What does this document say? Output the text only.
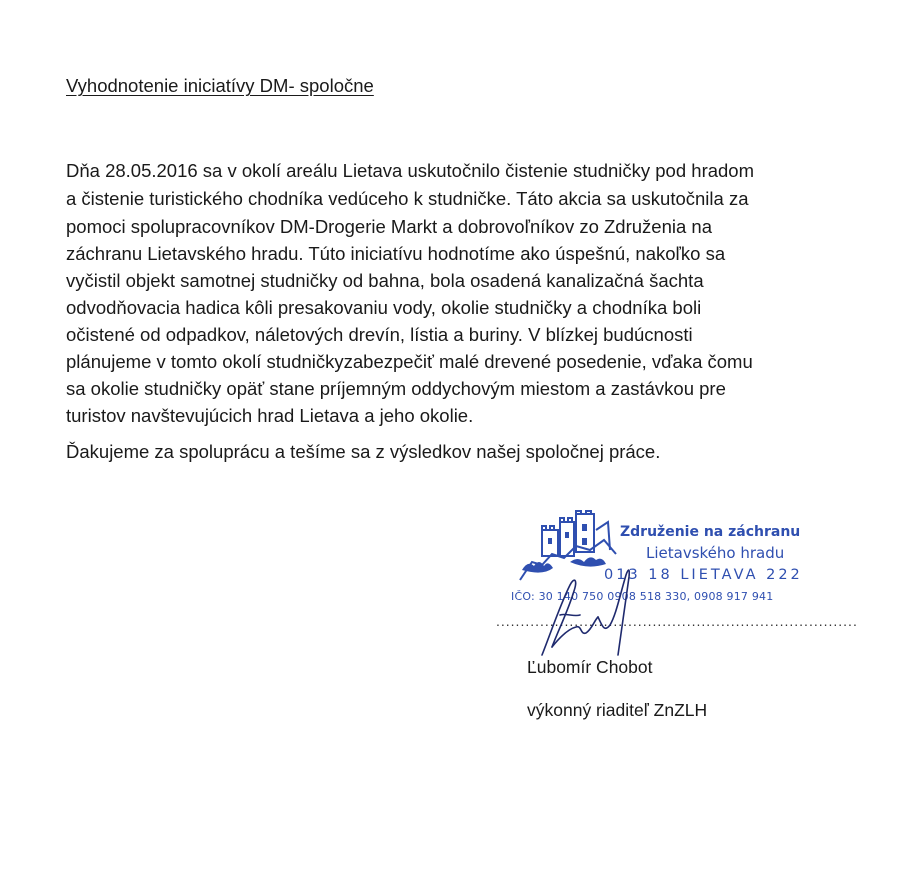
Vyhodnotenie iniciatívy DM- spoločne
Dňa 28.05.2016 sa v okolí areálu Lietava uskutočnilo čistenie studničky pod hradom
a čistenie turistického chodníka vedúceho k studničke. Táto akcia sa uskutočnila za
pomoci spolupracovníkov DM-Drogerie Markt a dobrovoľníkov zo Združenia na
záchranu Lietavského hradu. Túto iniciatívu hodnotíme ako úspešnú, nakoľko sa
vyčistil objekt samotnej studničky od bahna, bola osadená kanalizačná šachta
odvodňovacia hadica kôli presakovaniu vody, okolie studničky a chodníka boli
očistené od odpadkov, náletových drevín, lístia a buriny. V blízkej budúcnosti
plánujeme v tomto okolí studničkyzabezpečiť malé drevené posedenie, vďaka čomu
sa okolie studničky opäť stane príjemným oddychovým miestom a zastávkou pre
turistov navštevujúcich hrad Lietava a jeho okolie.
Ďakujeme za spoluprácu a tešíme sa z výsledkov našej spoločnej práce.
Združenie na záchranu
Lietavského hradu
013 18 LIETAVA 222
IČO: 30 140 750 0908 518 330, 0908 917 941
..........................................................................
Ľubomír Chobot
výkonný riaditeľ ZnZLH
